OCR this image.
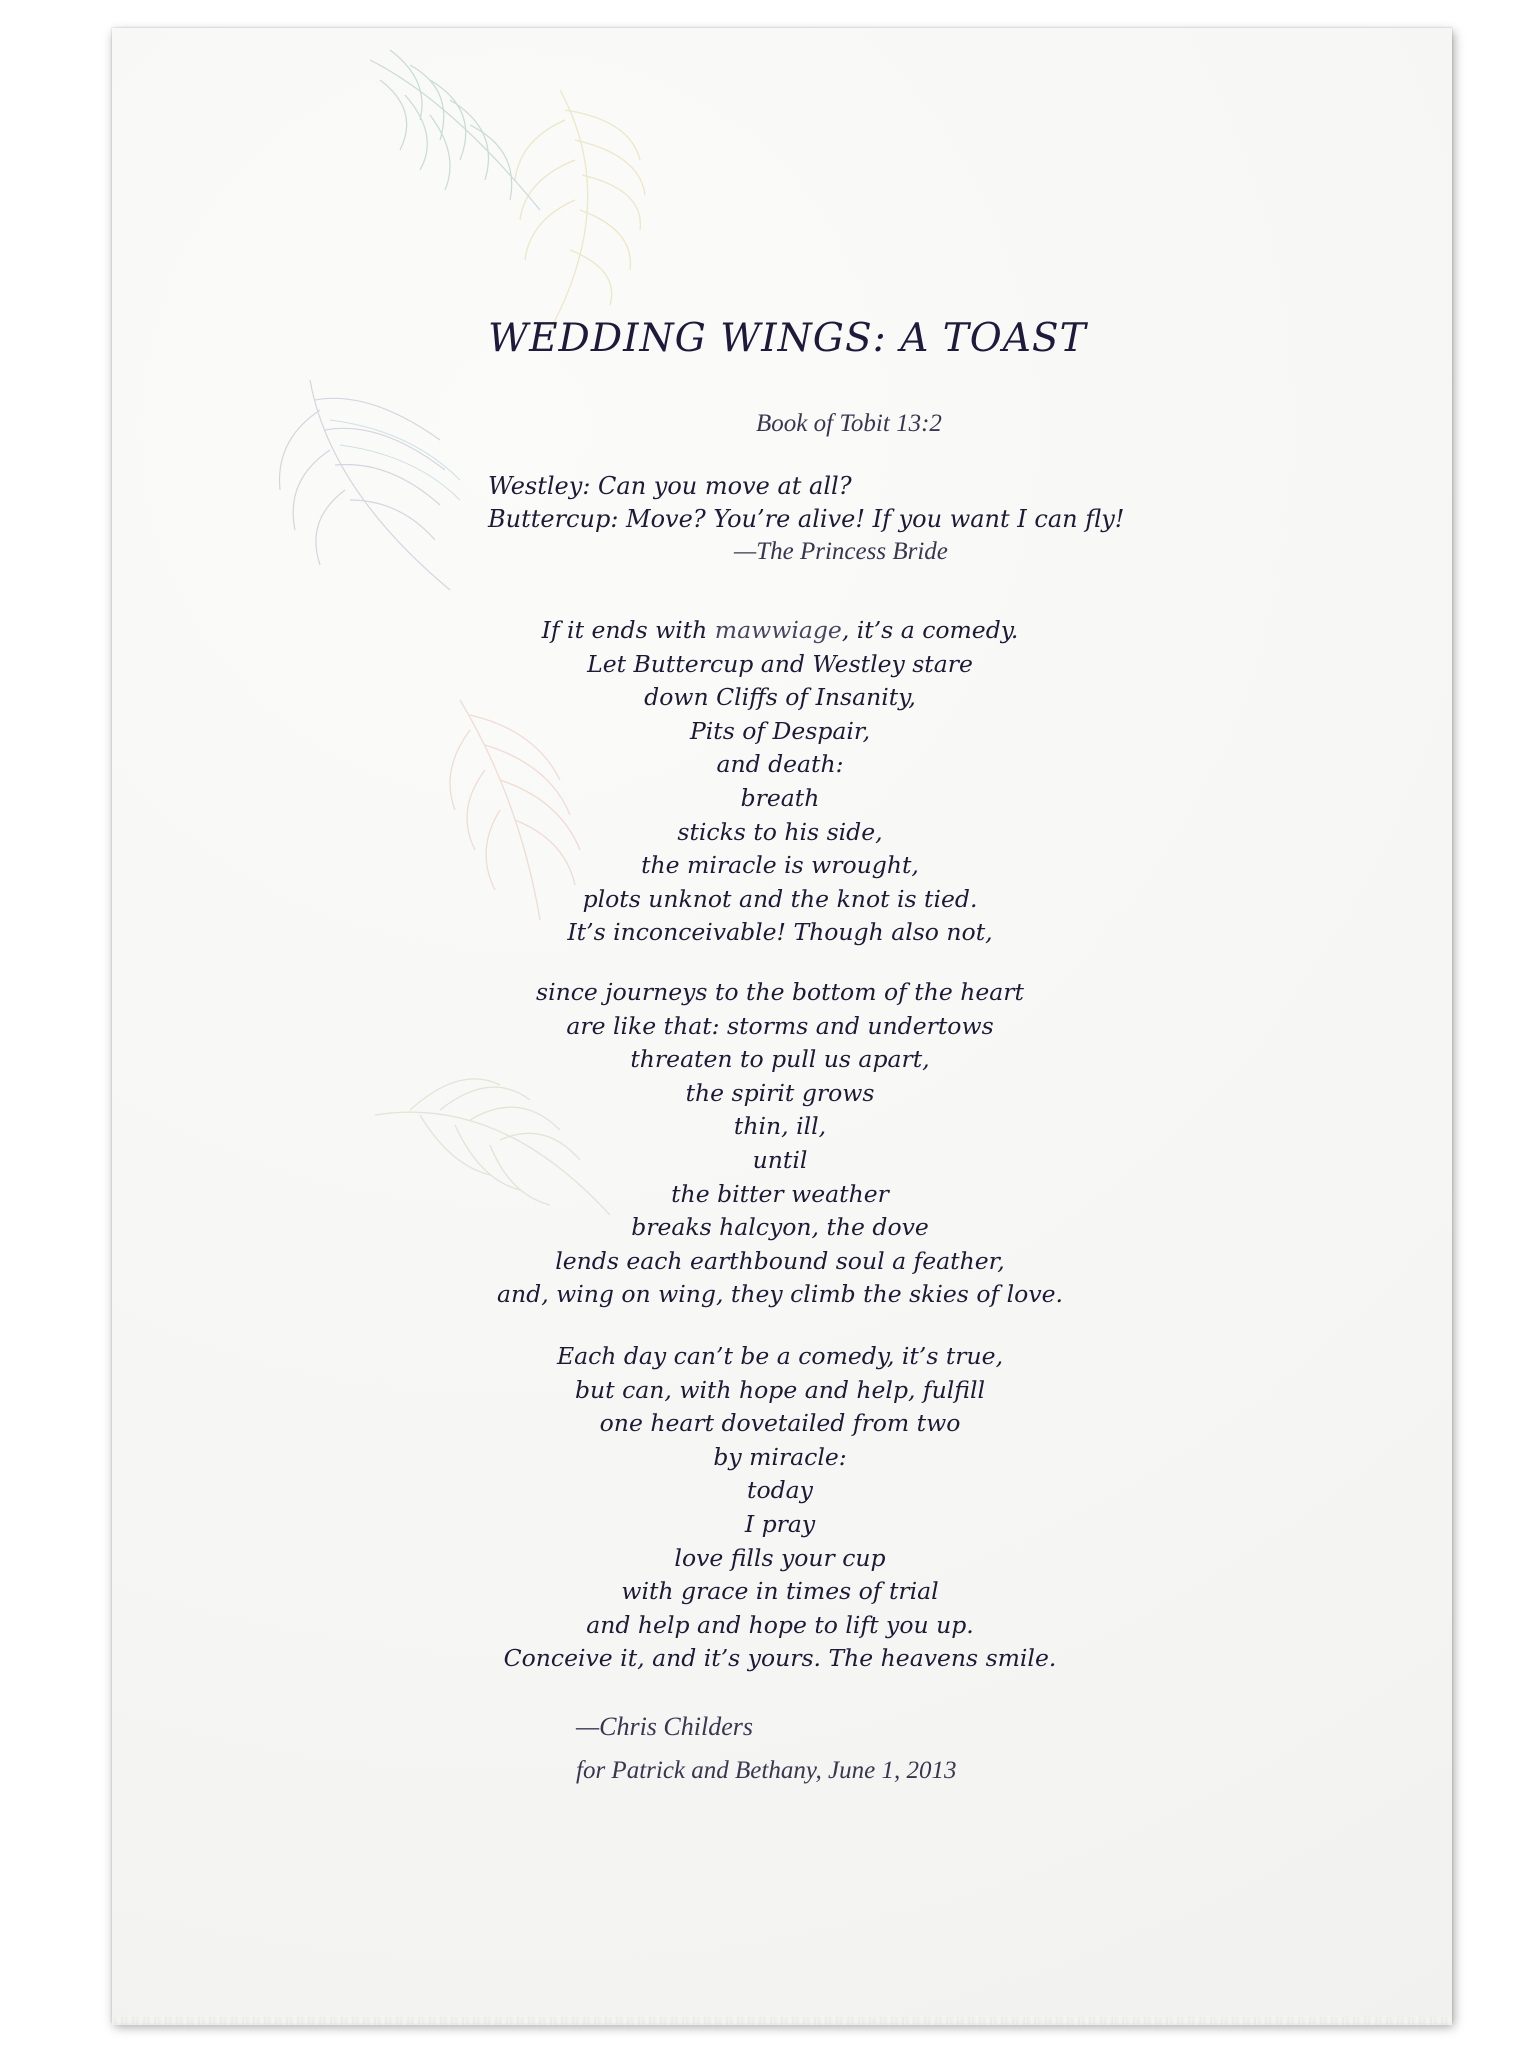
WEDDING WINGS: A TOAST
Book of Tobit 13:2
Westley: Can you move at all?
Buttercup: Move? You’re alive! If you want I can fly!
—The Princess Bride
If it ends with mawwiage, it’s a comedy.
Let Buttercup and Westley stare
down Cliffs of Insanity,
Pits of Despair,
and death:
breath
sticks to his side,
the miracle is wrought,
plots unknot and the knot is tied.
It’s inconceivable! Though also not,
since journeys to the bottom of the heart
are like that: storms and undertows
threaten to pull us apart,
the spirit grows
thin, ill,
until
the bitter weather
breaks halcyon, the dove
lends each earthbound soul a feather,
and, wing on wing, they climb the skies of love.
Each day can’t be a comedy, it’s true,
but can, with hope and help, fulfill
one heart dovetailed from two
by miracle:
today
I pray
love fills your cup
with grace in times of trial
and help and hope to lift you up.
Conceive it, and it’s yours. The heavens smile.
—Chris Childers
for Patrick and Bethany, June 1, 2013
